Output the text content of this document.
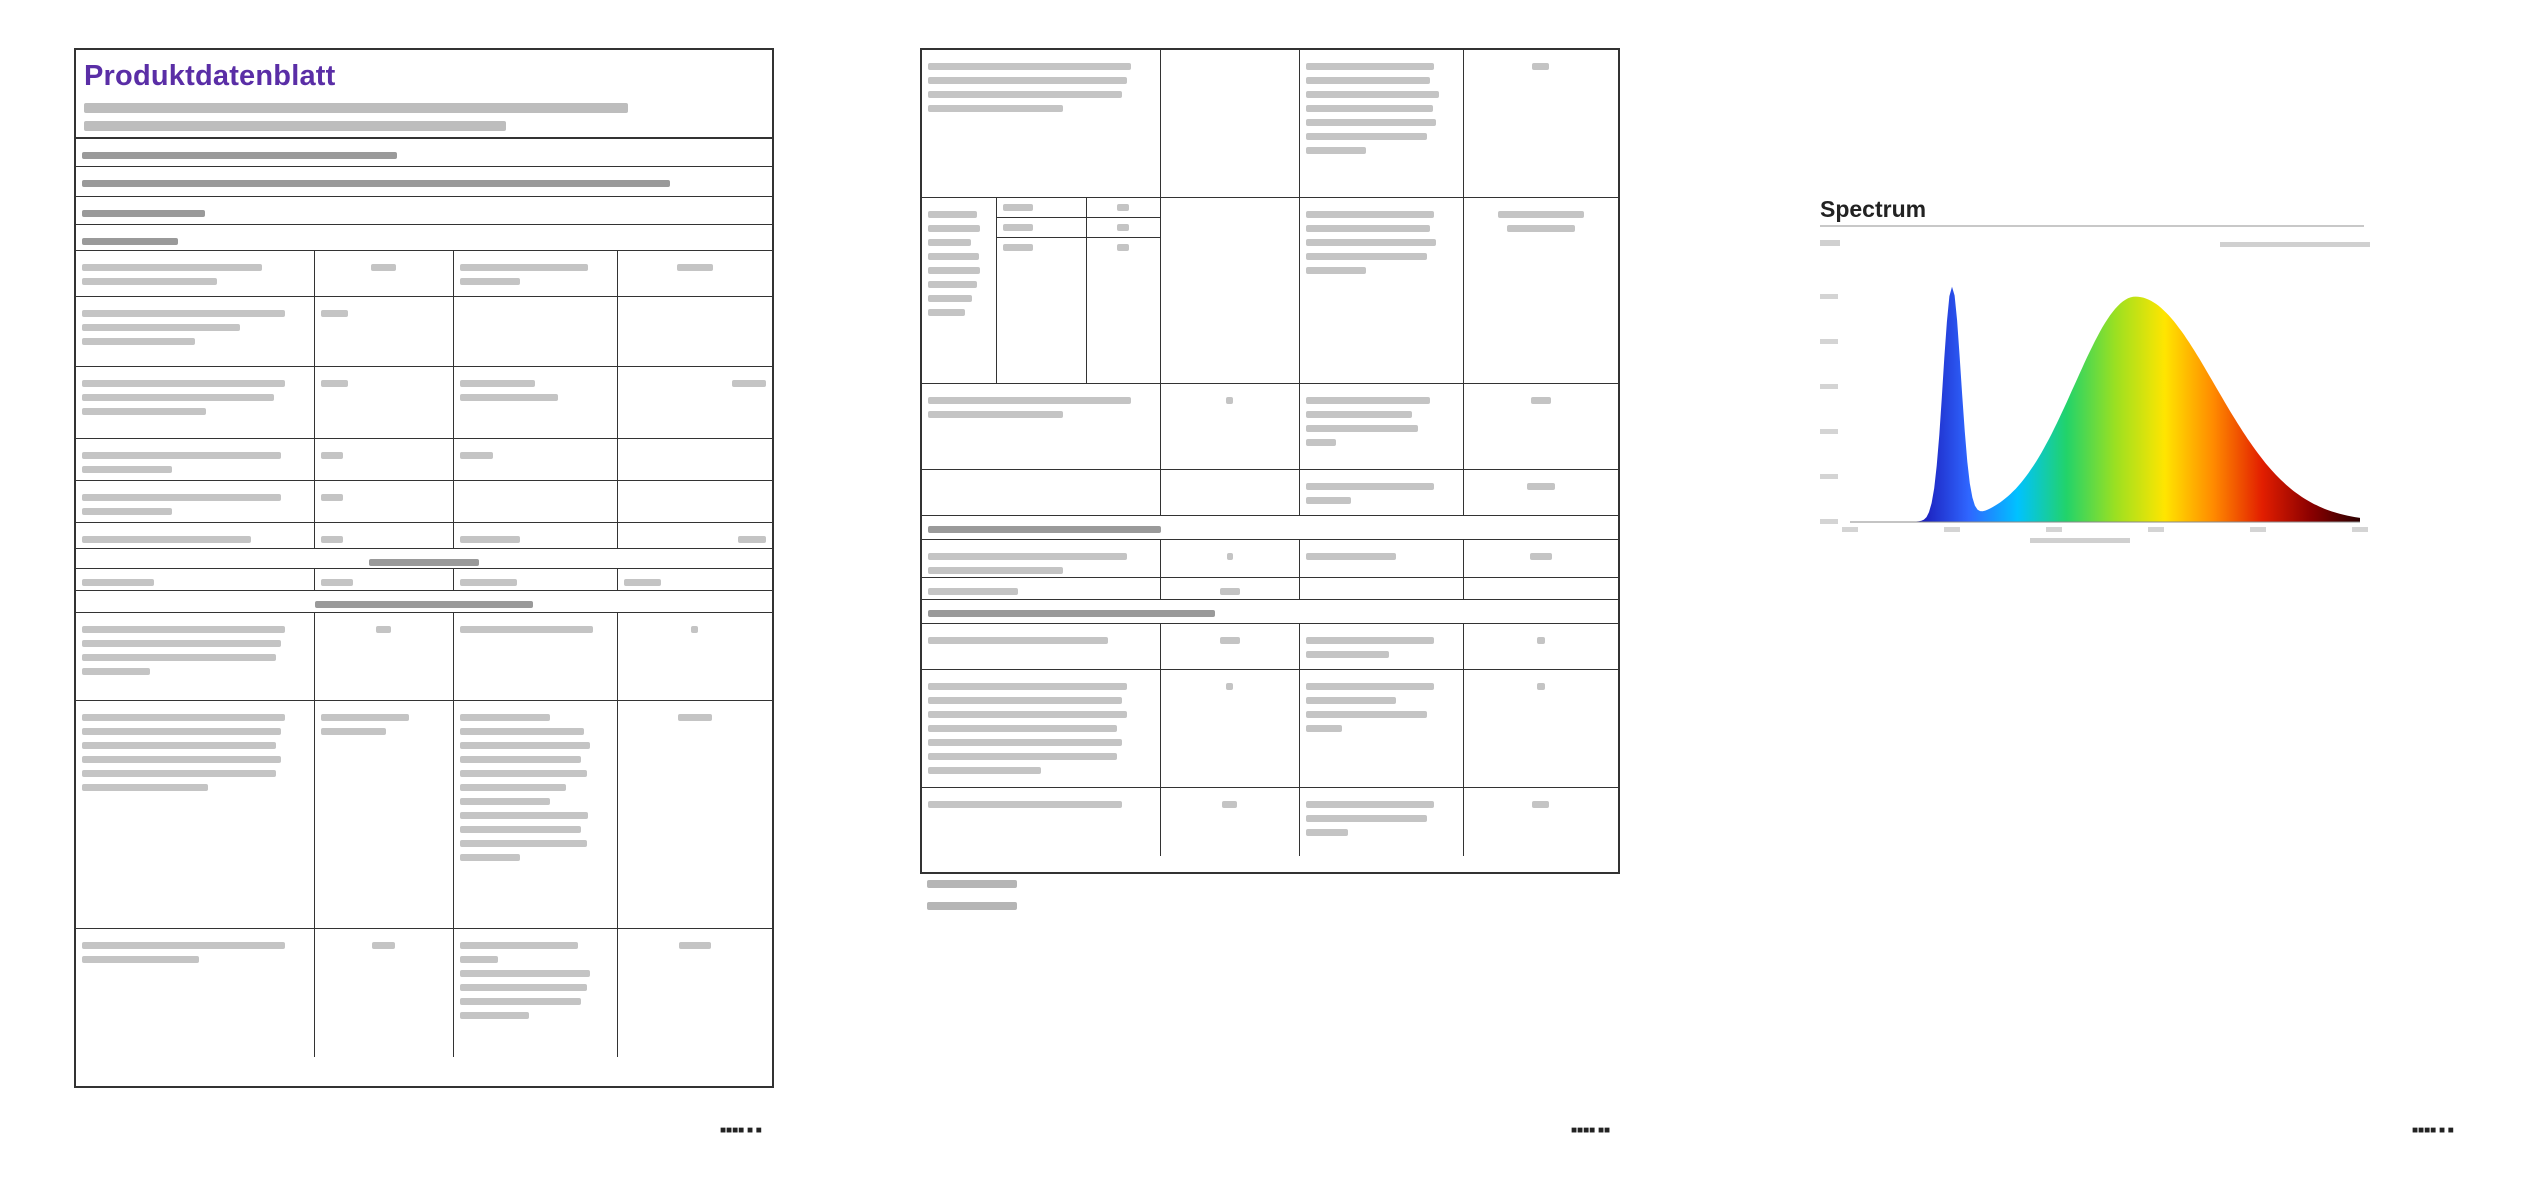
Produktdatenblatt
■■■■ ■ ■	■■■■ ■■
Spectrum
■■■■ ■ ■
